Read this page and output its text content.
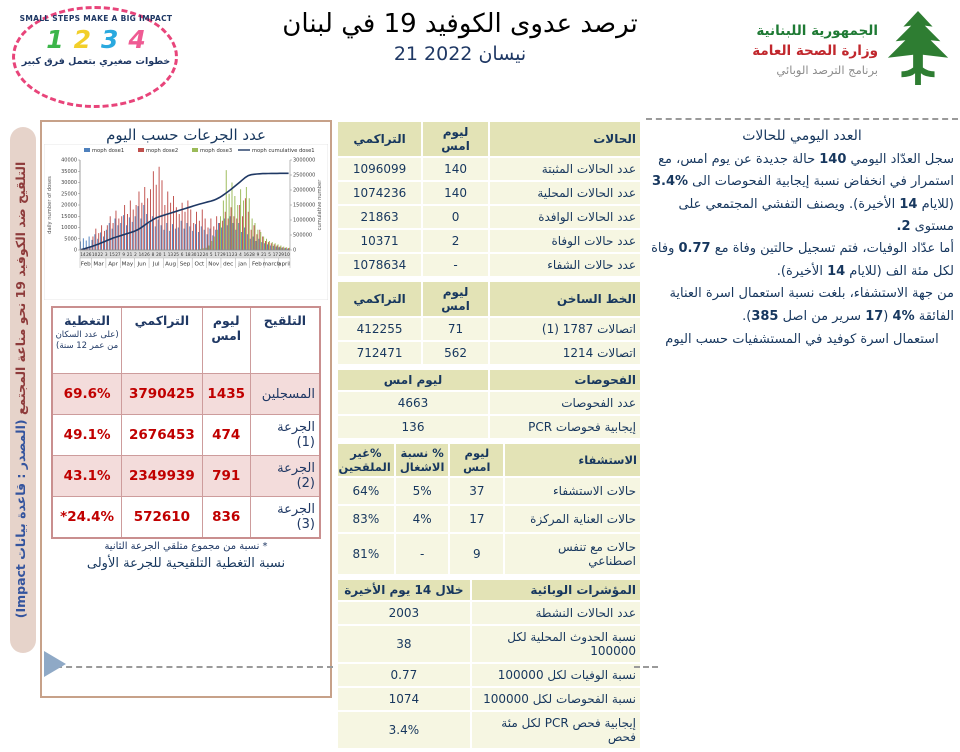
SMALL STEPS MAKE A BIG IMPACT
1 2 3 4
خطوات صغيري بتعمل فرق كبير
ترصد عدوى الكوفيد 19 في لبنان
21 نيسان 2022
الجمهورية اللبنانية
وزارة الصحة العامة
برنامج الترصد الوبائي
التلقيح ضد الكوفيد 19 نحو مناعة المجتمع (المصدر : قاعدة بيانات Impact)
عدد الجرعات حسب اليوم
moph dose1	moph dose2	moph dose3	moph cumulative dose1
0
5000
10000
15000
20000
25000
30000
35000
40000
0
500000
1000000
1500000
2000000
2500000
3000000
14 26 10 22 3 15 27 9 21 2 14 26 8 20 1 13 25 6 18 30 12 24 5 17 29 11 23 4 16 28 9 21 5 17 29 10
Feb Mar Apr May Jun Jul Aug Sep Oct Nov dec jan Feb march
april
daily number of doses	cumulative number
التلقيح	ليوم امس	التراكمي	التغطية
(على عدد السكان من عمر 12 سنة)

المسجلين	1435	3790425	69.6%
الجرعة (1)	474	2676453	49.1%
الجرعة (2)	791	2349939	43.1%
الجرعة (3)	836	572610	24.4%*
* نسبة من مجموع متلقي الجرعة الثانية
نسبة التغطية التلقيحية للجرعة الأولى
الحالات	ليوم امس	التراكمي
عدد الحالات المثبتة	140	1096099
عدد الحالات المحلية	140	1074236
عدد الحالات الوافدة	0	21863
عدد حالات الوفاة	2	10371
عدد حالات الشفاء	-	1078634
الخط الساخن	ليوم امس	التراكمي
اتصالات 1787 (1)	71	412255
اتصالات 1214	562	712471
الفحوصات	ليوم امس
عدد الفحوصات	4663
إيجابية فحوصات PCR	136
الاستشفاء	ليوم امس	% نسبة الاشغال	%غير الملقحين
حالات الاستشفاء	37	5%	64%
حالات العناية المركزة	17	4%	83%
حالات مع تنفس اصطناعي	9	-	81%
المؤشرات الوبائية	خلال 14 يوم الأخيرة
عدد الحالات النشطة	2003
نسبة الحدوث المحلية لكل 100000	38
نسبة الوفيات لكل 100000	0.77
نسبة الفحوصات لكل 100000	1074
إيجابية فحص PCR لكل مئة فحص	3.4%
العدد اليومي للحالات
سجل العدّاد اليومي 140 حالة جديدة عن يوم امس، مع استمرار في انخفاض نسبة إيجابية الفحوصات الى %3.4 (للايام 14 الأخيرة). ويصنف التفشي المجتمعي على مستوى 2.
أما عدّاد الوفيات، فتم تسجيل حالتين وفاة مع 0.77 وفاة لكل مئة الف (للايام 14 الأخيرة).
من جهة الاستشفاء، بلغت نسبة استعمال اسرة العناية الفائقة %4 (17 سرير من اصل 385).
استعمال اسرة كوفيد في المستشفيات حسب اليوم
